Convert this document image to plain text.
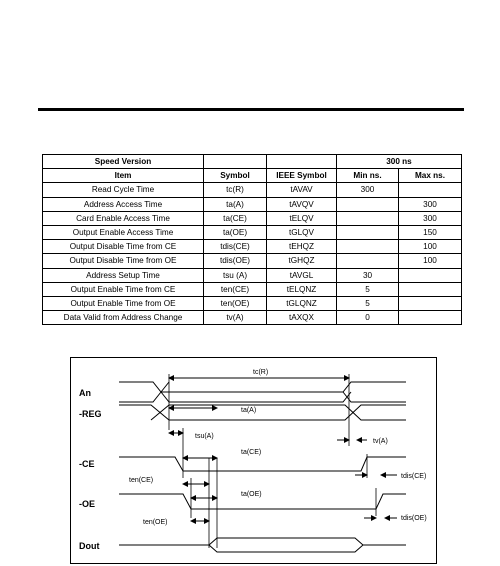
Speed Version			300 ns	
Item	Symbol	IEEE Symbol	Min ns.	Max ns.
Read Cycle Time	tc(R)	tAVAV	300	
Address Access Time	ta(A)	tAVQV		300
Card Enable Access Time	ta(CE)	tELQV		300
Output Enable Access Time	ta(OE)	tGLQV		150
Output Disable Time from CE	tdis(CE)	tEHQZ		100
Output Disable Time from OE	tdis(OE)	tGHQZ		100
Address Setup Time	tsu (A)	tAVGL	30	
Output Enable Time from CE	ten(CE)	tELQNZ	5	
Output Enable Time from OE	ten(OE)	tGLQNZ	5	
Data Valid from Address Change	tv(A)	tAXQX	0	
An
-REG
-CE
-OE
Dout
tc(R)
ta(A)
tsu(A)
tv(A)
ta(CE)
ten(CE)
tdis(CE)
ta(OE)
ten(OE)
tdis(OE)
